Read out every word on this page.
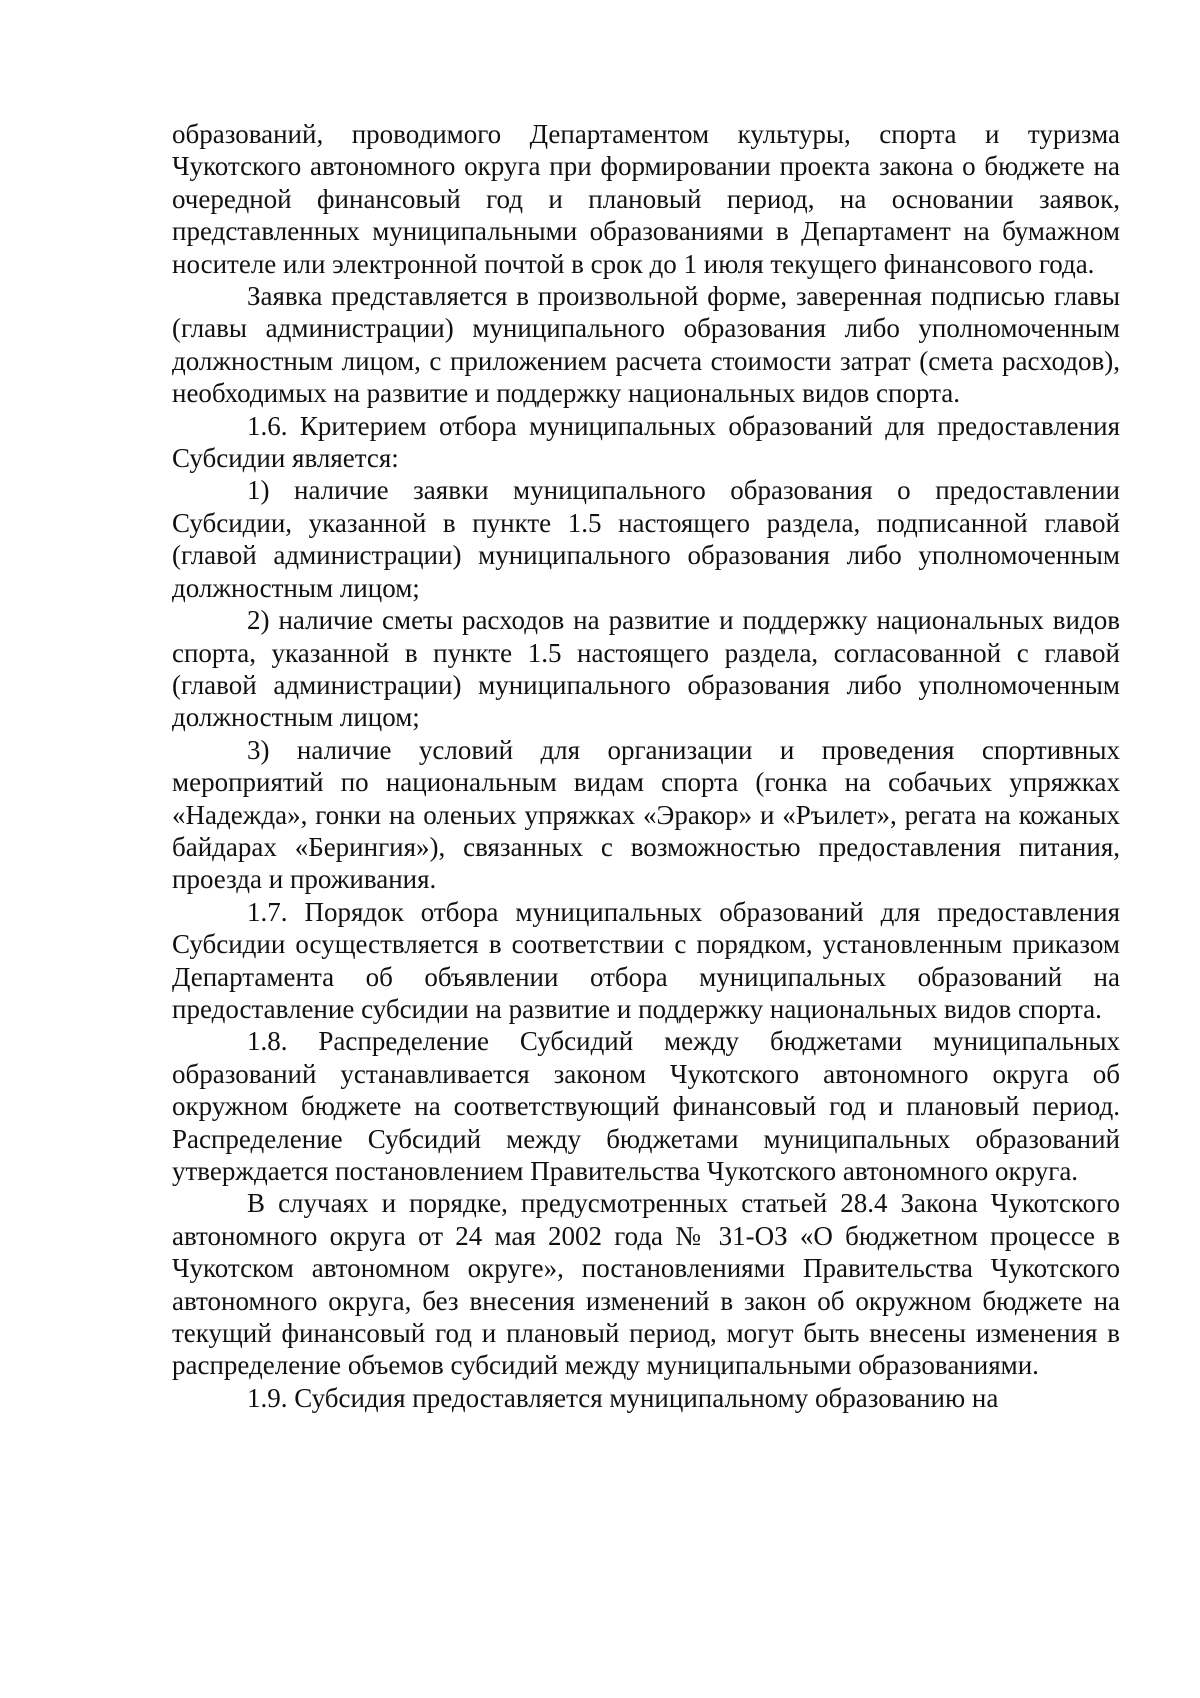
образований, проводимого Департаментом культуры, спорта и туризма Чукотского автономного округа при формировании проекта закона о бюджете на очередной финансовый год и плановый период, на основании заявок, представленных муниципальными образованиями в Департамент на бумажном носителе или электронной почтой в срок до 1 июля текущего финансового года.

Заявка представляется в произвольной форме, заверенная подписью главы (главы администрации) муниципального образования либо уполномоченным должностным лицом, с приложением расчета стоимости затрат (смета расходов), необходимых на развитие и поддержку национальных видов спорта.

1.6. Критерием отбора муниципальных образований для предоставления Субсидии является:

1) наличие заявки муниципального образования о предоставлении Субсидии, указанной в пункте 1.5 настоящего раздела, подписанной главой (главой администрации) муниципального образования либо уполномоченным должностным лицом;

2) наличие сметы расходов на развитие и поддержку национальных видов спорта, указанной в пункте 1.5 настоящего раздела, согласованной с главой (главой администрации) муниципального образования либо уполномоченным должностным лицом;

3) наличие условий для организации и проведения спортивных мероприятий по национальным видам спорта (гонка на собачьих упряжках «Надежда», гонки на оленьих упряжках «Эракор» и «Ръилет», регата на кожаных байдарах «Берингия»), связанных с возможностью предоставления питания, проезда и проживания.

1.7. Порядок отбора муниципальных образований для предоставления Субсидии осуществляется в соответствии с порядком, установленным приказом Департамента об объявлении отбора муниципальных образований на предоставление субсидии на развитие и поддержку национальных видов спорта.

1.8. Распределение Субсидий между бюджетами муниципальных образований устанавливается законом Чукотского автономного округа об окружном бюджете на соответствующий финансовый год и плановый период. Распределение Субсидий между бюджетами муниципальных образований утверждается постановлением Правительства Чукотского автономного округа.

В случаях и порядке, предусмотренных статьей 28.4 Закона Чукотского автономного округа от 24 мая 2002 года № 31-ОЗ «О бюджетном процессе в Чукотском автономном округе», постановлениями Правительства Чукотского автономного округа, без внесения изменений в закон об окружном бюджете на текущий финансовый год и плановый период, могут быть внесены изменения в распределение объемов субсидий между муниципальными образованиями.

1.9. Субсидия предоставляется муниципальному образованию на
